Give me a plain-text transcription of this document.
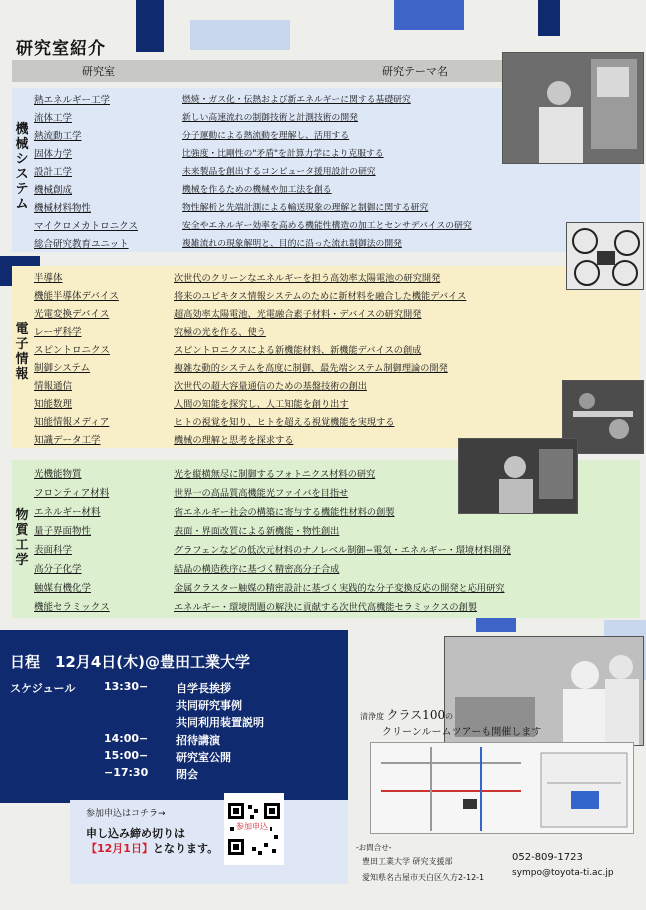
研究室紹介
研究室	研究テーマ名
機械システム
熱エネルギー工学	燃焼・ガス化・伝熱および新エネルギーに関する基礎研究
流体工学	新しい高速流れの制御技術と計測技術の開発
熱流動工学	分子運動による熱流動を理解し、活用する
固体力学	比強度・比剛性の"矛盾"を計算力学により克服する
設計工学	未来製品を創出するコンピュータ援用設計の研究
機械創成	機械を作るための機械や加工法を創る
機械材料物性	物性解析と先端計測による輸送現象の理解と制御に関する研究
マイクロメカトロニクス	安全やエネルギー効率を高める機能性構造の加工とセンサデバイスの研究
総合研究教育ユニット	複雑流れの現象解明と、目的に沿った流れ制御法の開発
電子情報
半導体	次世代のクリーンなエネルギーを担う高効率太陽電池の研究開発
機能半導体デバイス	将来のユビキタス情報システムのために新材料を融合した機能デバイス
光電変換デバイス	超高効率太陽電池、光電融合素子材料・デバイスの研究開発
レーザ科学	究極の光を作る、使う
スピントロニクス	スピントロニクスによる新機能材料、新機能デバイスの創成
制御システム	複雑な動的システムを高度に制御、最先端システム制御理論の開発
情報通信	次世代の超大容量通信のための基盤技術の創出
知能数理	人間の知能を探究し、人工知能を創り出す
知能情報メディア	ヒトの視覚を知り、ヒトを超える視覚機能を実現する
知識データ工学	機械の理解と思考を探求する
物質工学
光機能物質	光を縦横無尽に制御するフォトニクス材料の研究
フロンティア材料	世界一の高品質高機能光ファイバを目指せ
エネルギー材料	省エネルギー社会の構築に寄与する機能性材料の創製
量子界面物性	表面・界面改質による新機能・物性創出
表面科学	グラフェンなどの低次元材料のナノレベル制御−電気・エネルギー・環境材料開発
高分子化学	結晶の構造秩序に基づく精密高分子合成
触媒有機化学	金属クラスター触媒の精密設計に基づく実践的な分子変換反応の開発と応用研究
機能セラミックス	エネルギー・環境問題の解決に貢献する次世代高機能セラミックスの創製
清浄度 クラス100の
クリーンルームツアーも開催します
日程　12月4日(木)@豊田工業大学
スケジュール	13:30−	自学長挨拶
共同研究事例
共同利用装置説明
14:00−	招待講演
15:00−	研究室公開
−17:30	閉会
参加申込はコチラ→
申し込み締め切りは
【12月1日】となります。
参加申込
-お問合せ-
豊田工業大学 研究支援部
愛知県名古屋市天白区久方2-12-1
052-809-1723
sympo@toyota-ti.ac.jp
